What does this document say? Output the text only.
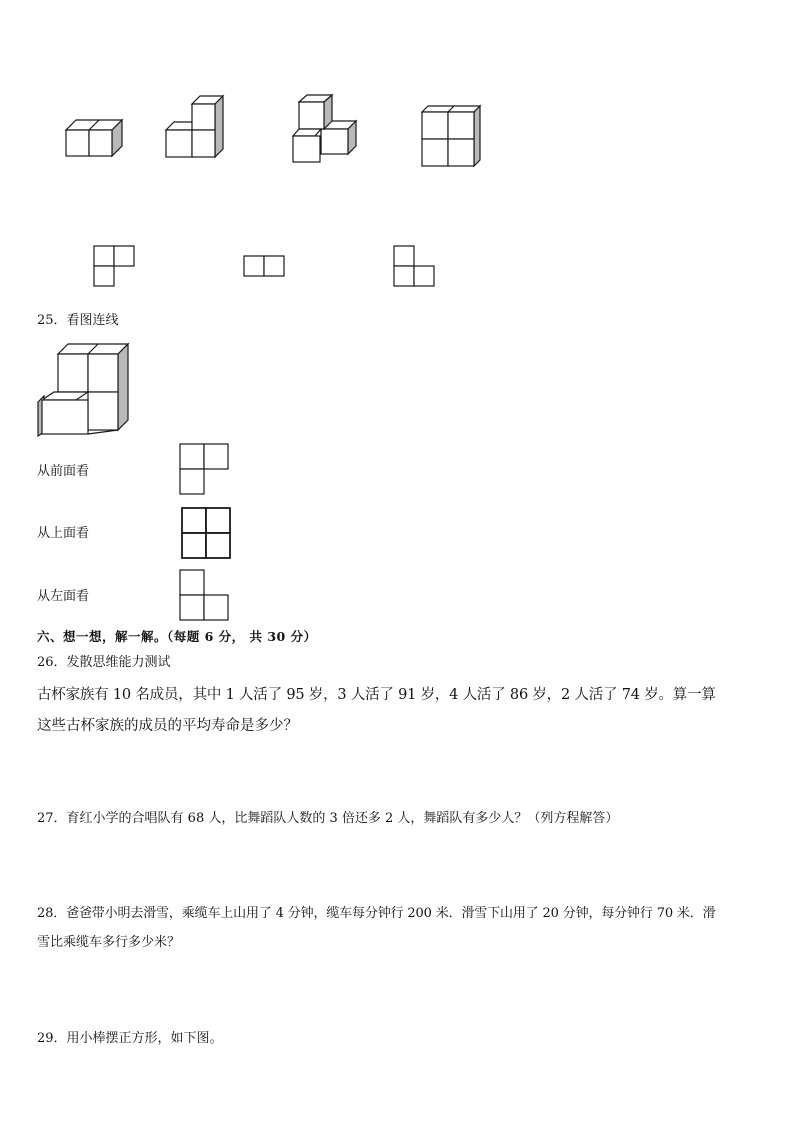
25．看图连线
从前面看
从上面看
从左面看
六、想一想，解一解。（每题 6 分， 共 30 分）
26．发散思维能力测试
古杯家族有 10 名成员，其中 1 人活了 95 岁，3 人活了 91 岁，4 人活了 86 岁，2 人活了 74 岁。算一算
这些古杯家族的成员的平均寿命是多少？
27．育红小学的合唱队有 68 人，比舞蹈队人数的 3 倍还多 2 人，舞蹈队有多少人？（列方程解答）
28．爸爸带小明去滑雪，乘缆车上山用了 4 分钟，缆车每分钟行 200 米．滑雪下山用了 20 分钟，每分钟行 70 米．滑
雪比乘缆车多行多少米？
29．用小棒摆正方形，如下图。
